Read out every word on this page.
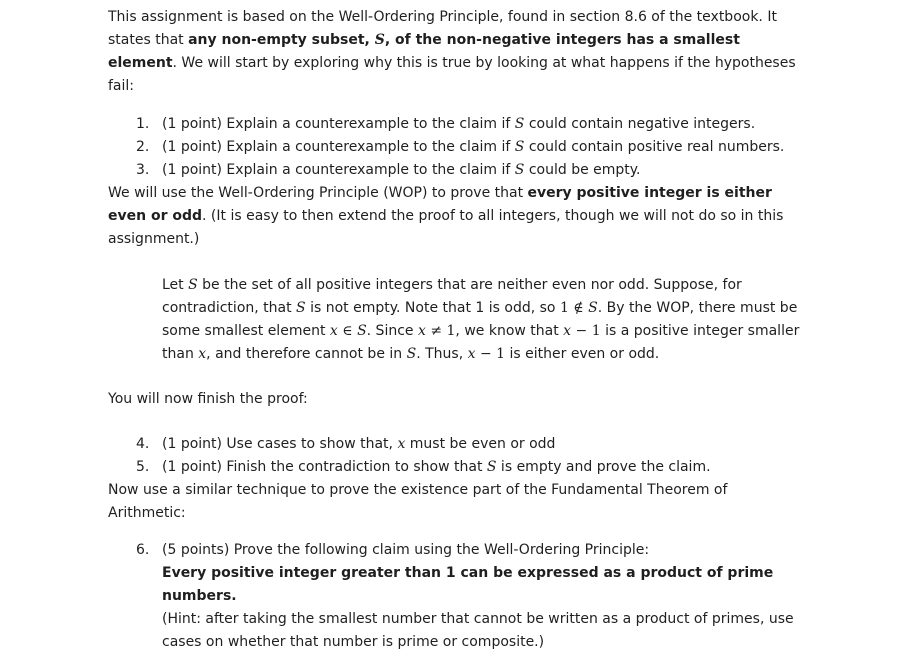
This assignment is based on the Well-Ordering Principle, found in section 8.6 of the textbook. It states that any non-empty subset, S, of the non-negative integers has a smallest element. We will start by exploring why this is true by looking at what happens if the hypotheses fail:

1. (1 point) Explain a counterexample to the claim if S could contain negative integers.
2. (1 point) Explain a counterexample to the claim if S could contain positive real numbers.
3. (1 point) Explain a counterexample to the claim if S could be empty.

We will use the Well-Ordering Principle (WOP) to prove that every positive integer is either even or odd. (It is easy to then extend the proof to all integers, though we will not do so in this assignment.)

Let S be the set of all positive integers that are neither even nor odd. Suppose, for contradiction, that S is not empty. Note that 1 is odd, so 1 ∉ S. By the WOP, there must be some smallest element x ∈ S. Since x ≠ 1, we know that x − 1 is a positive integer smaller than x, and therefore cannot be in S. Thus, x − 1 is either even or odd.

You will now finish the proof:

4. (1 point) Use cases to show that, x must be even or odd
5. (1 point) Finish the contradiction to show that S is empty and prove the claim.

Now use a similar technique to prove the existence part of the Fundamental Theorem of Arithmetic:

6. (5 points) Prove the following claim using the Well-Ordering Principle:
Every positive integer greater than 1 can be expressed as a product of prime numbers.
(Hint: after taking the smallest number that cannot be written as a product of primes, use cases on whether that number is prime or composite.)
